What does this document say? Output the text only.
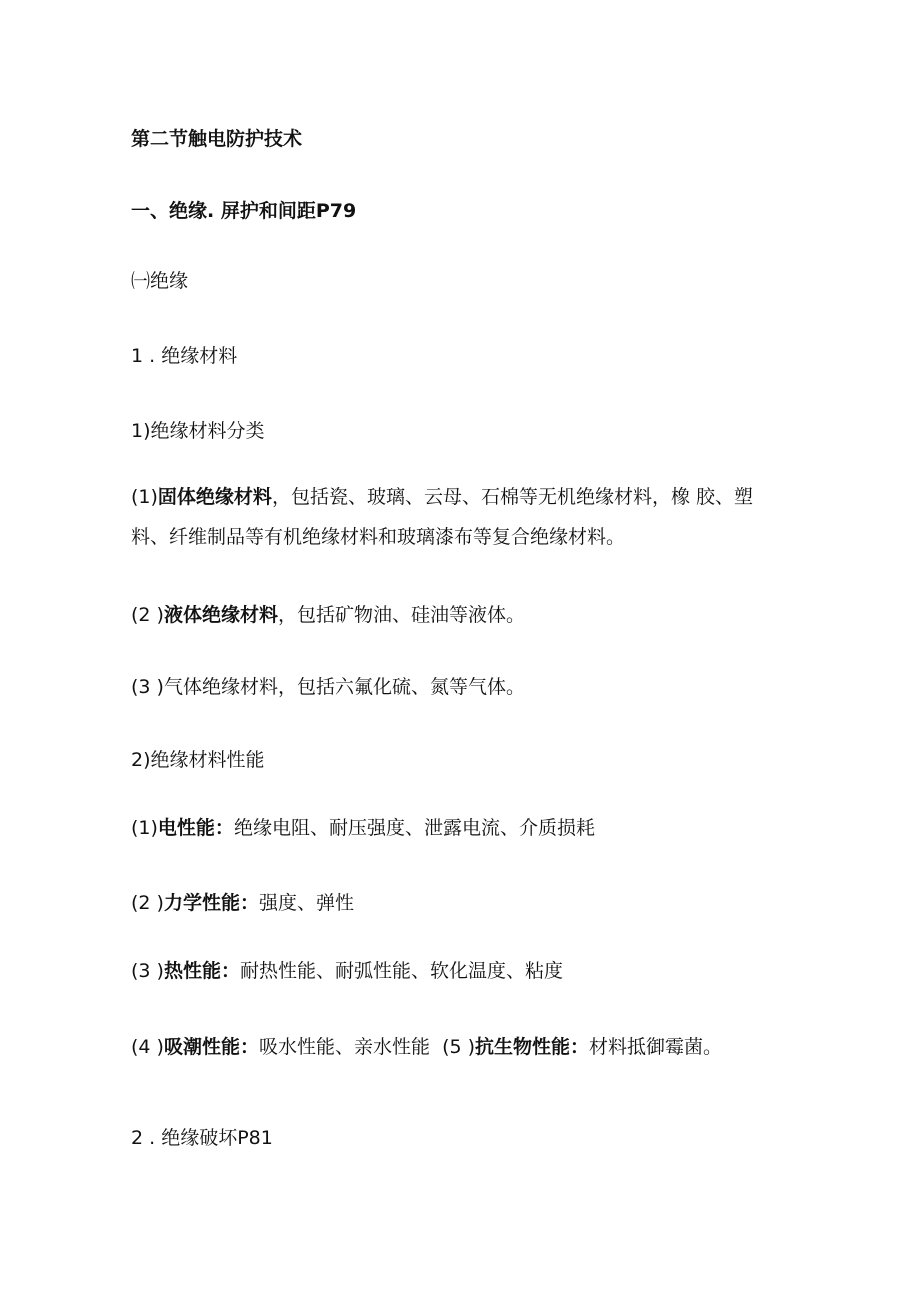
第二节触电防护技术
一、绝缘. 屏护和间距P79
㈠绝缘
1 . 绝缘材料
1)绝缘材料分类
(1)固体绝缘材料，包括瓷、玻璃、云母、石棉等无机绝缘材料，橡 胶、塑料、纤维制品等有机绝缘材料和玻璃漆布等复合绝缘材料。
(2 )液体绝缘材料，包括矿物油、硅油等液体。
(3 )气体绝缘材料，包括六氟化硫、氮等气体。
2)绝缘材料性能
(1)电性能：绝缘电阻、耐压强度、泄露电流、介质损耗
(2 )力学性能：强度、弹性
(3 )热性能：耐热性能、耐弧性能、软化温度、粘度
(4 )吸潮性能：吸水性能、亲水性能 (5 )抗生物性能：材料抵御霉菌。
2 . 绝缘破坏P81
